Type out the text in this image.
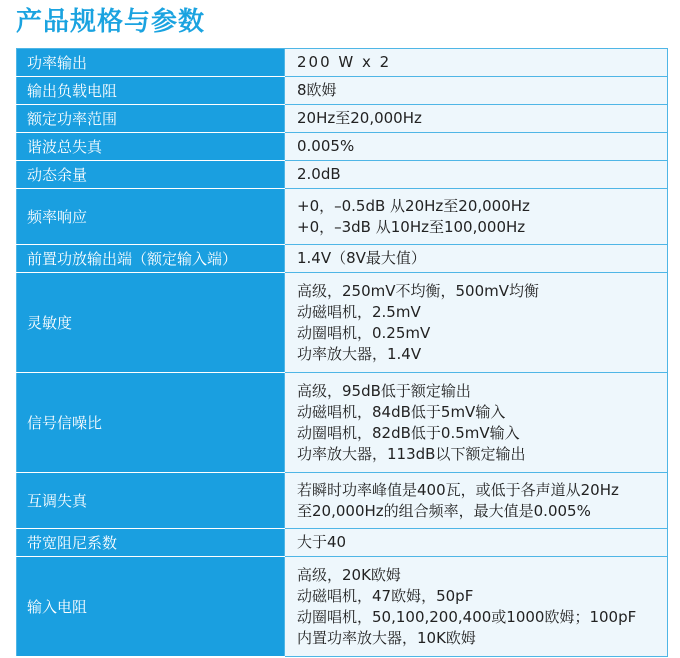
产品规格与参数
功率输出	200 W x 2

输出负载电阻	8欧姆

额定功率范围	20Hz至20,000Hz

谐波总失真	0.005%

动态余量	2.0dB

频率响应	+0，–0.5dB 从20Hz至20,000Hz
+0，–3dB 从10Hz至100,000Hz

前置功放输出端（额定输入端）	1.4V（8V最大值）

灵敏度	高级，250mV不均衡，500mV均衡
动磁唱机，2.5mV
动圈唱机，0.25mV
功率放大器，1.4V

信号信噪比	高级，95dB低于额定输出
动磁唱机，84dB低于5mV输入
动圈唱机，82dB低于0.5mV输入
功率放大器，113dB以下额定输出

互调失真	若瞬时功率峰值是400瓦，或低于各声道从20Hz
至20,000Hz的组合频率，最大值是0.005%

带宽阻尼系数	大于40

输入电阻	高级，20K欧姆
动磁唱机，47欧姆，50pF
动圈唱机，50,100,200,400或1000欧姆；100pF
内置功率放大器，10K欧姆
